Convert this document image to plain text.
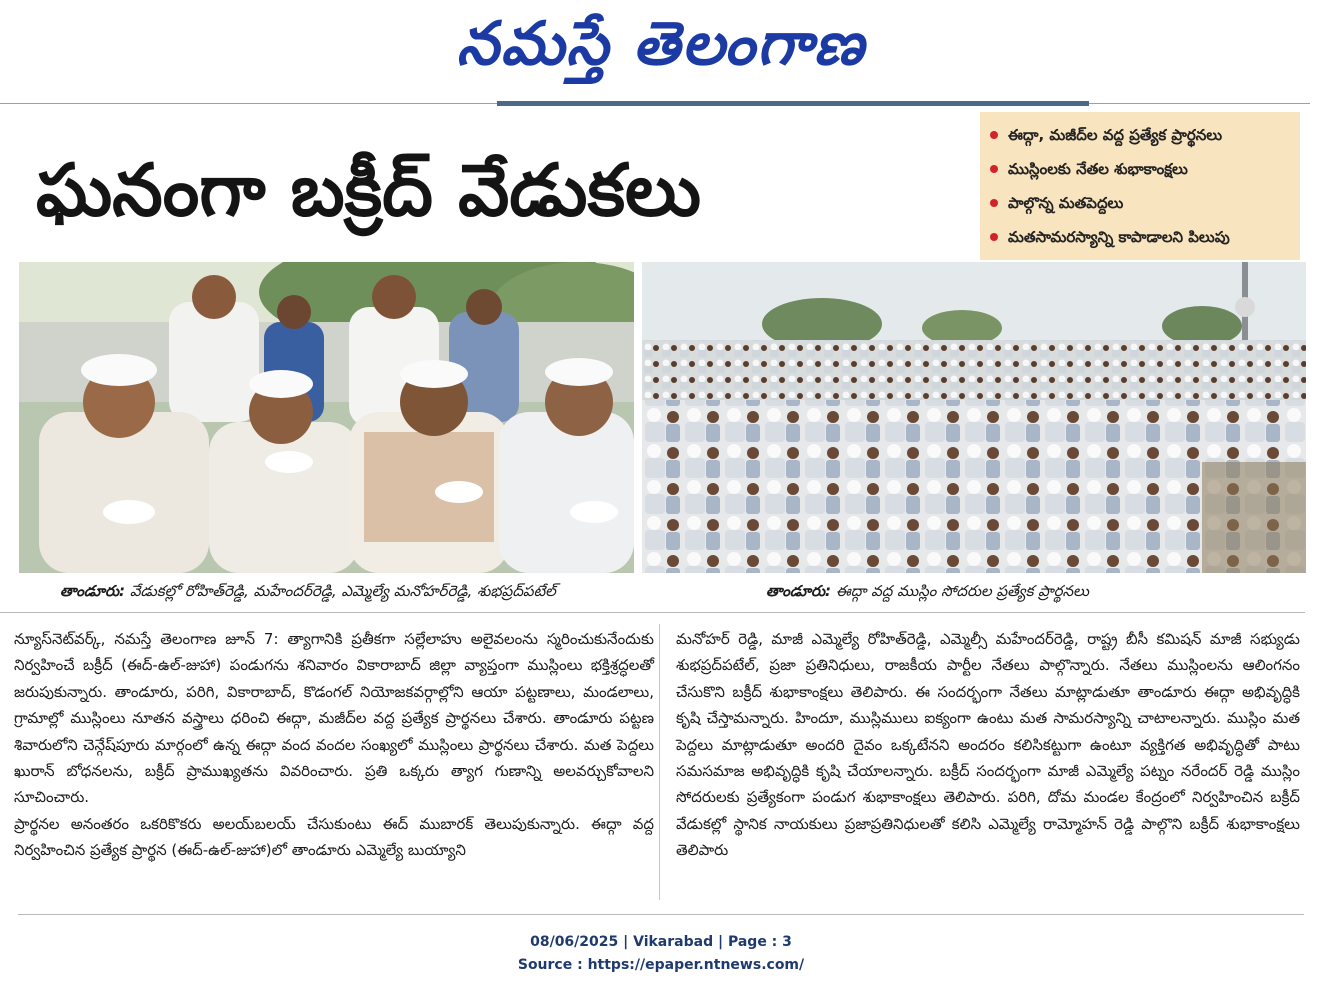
నమస్తే తెలంగాణ
ఘనంగా బక్రీద్ వేడుకలు
ఈద్గా, మజీద్‌ల వద్ద ప్రత్యేక ప్రార్థనలు
ముస్లింలకు నేతల శుభాకాంక్షలు
పాల్గొన్న మతపెద్దలు
మతసామరస్యాన్ని కాపాడాలని పిలుపు
తాండూరు: వేడుకల్లో రోహిత్‌రెడ్డి, మహేందర్‌రెడ్డి, ఎమ్మెల్యే మనోహర్‌రెడ్డి, శుభప్రద్‌పటేల్	తాండూరు: ఈద్గా వద్ద ముస్లిం సోదరుల ప్రత్యేక ప్రార్థనలు

న్యూస్‌నెట్‌వర్క్, నమస్తే తెలంగాణ జూన్ 7: త్యాగానికి ప్రతీకగా సల్లేలాహు అలైవలంను స్మరించుకునేందుకు నిర్వహించే బక్రీద్ (ఈద్-ఉల్-జుహా) పండుగను శనివారం వికారాబాద్ జిల్లా వ్యాప్తంగా ముస్లింలు భక్తిశ్రద్ధలతో జరుపుకున్నారు. తాండూరు, పరిగి, వికారాబాద్, కొడంగల్ నియోజకవర్గాల్లోని ఆయా పట్టణాలు, మండలాలు, గ్రామాల్లో ముస్లింలు నూతన వస్త్రాలు ధరించి ఈద్గా, మజీద్‌ల వద్ద ప్రత్యేక ప్రార్థనలు చేశారు. తాండూరు పట్టణ శివారులోని చెన్గేష్‌పూరు మార్గంలో ఉన్న ఈద్గా వంద వందల సంఖ్యలో ముస్లింలు ప్రార్థనలు చేశారు. మత పెద్దలు ఖురాన్ బోధనలను, బక్రీద్ ప్రాముఖ్యతను వివరించారు. ప్రతి ఒక్కరు త్యాగ గుణాన్ని అలవర్చుకోవాలని సూచించారు.

ప్రార్థనల అనంతరం ఒకరికొకరు అలయ్‌బలయ్ చేసుకుంటు ఈద్ ముబారక్ తెలుపుకున్నారు. ఈద్గా వద్ద నిర్వహించిన ప్రత్యేక ప్రార్థన (ఈద్-ఉల్-జుహా)లో తాండూరు ఎమ్మెల్యే బుయ్యాని

మనోహర్ రెడ్డి, మాజీ ఎమ్మెల్యే రోహిత్‌రెడ్డి, ఎమ్మెల్సీ మహేందర్‌రెడ్డి, రాష్ట్ర బీసీ కమిషన్ మాజీ సభ్యుడు శుభప్రద్‌పటేల్, ప్రజా ప్రతినిధులు, రాజకీయ పార్టీల నేతలు పాల్గొన్నారు. నేతలు ముస్లింలను ఆలింగనం చేసుకొని బక్రీద్ శుభాకాంక్షలు తెలిపారు. ఈ సందర్భంగా నేతలు మాట్లాడుతూ తాండూరు ఈద్గా అభివృద్ధికి కృషి చేస్తామన్నారు. హిందూ, ముస్లిములు ఐక్యంగా ఉంటు మత సామరస్యాన్ని చాటాలన్నారు. ముస్లిం మత పెద్దలు మాట్లాడుతూ అందరి దైవం ఒక్కటేనని అందరం కలిసికట్టుగా ఉంటూ వ్యక్తిగత అభివృద్ధితో పాటు సమసమాజ అభివృద్ధికి కృషి చేయాలన్నారు. బక్రీద్ సందర్భంగా మాజీ ఎమ్మెల్యే పట్నం నరేందర్ రెడ్డి ముస్లిం సోదరులకు ప్రత్యేకంగా పండుగ శుభాకాంక్షలు తెలిపారు. పరిగి, దోమ మండల కేంద్రంలో నిర్వహించిన బక్రీద్ వేడుకల్లో స్థానిక నాయకులు ప్రజాప్రతినిధులతో కలిసి ఎమ్మెల్యే రామ్మోహన్ రెడ్డి పాల్గొని బక్రీద్ శుభాకాంక్షలు తెలిపారు

08/06/2025 | Vikarabad | Page : 3
Source : https://epaper.ntnews.com/
